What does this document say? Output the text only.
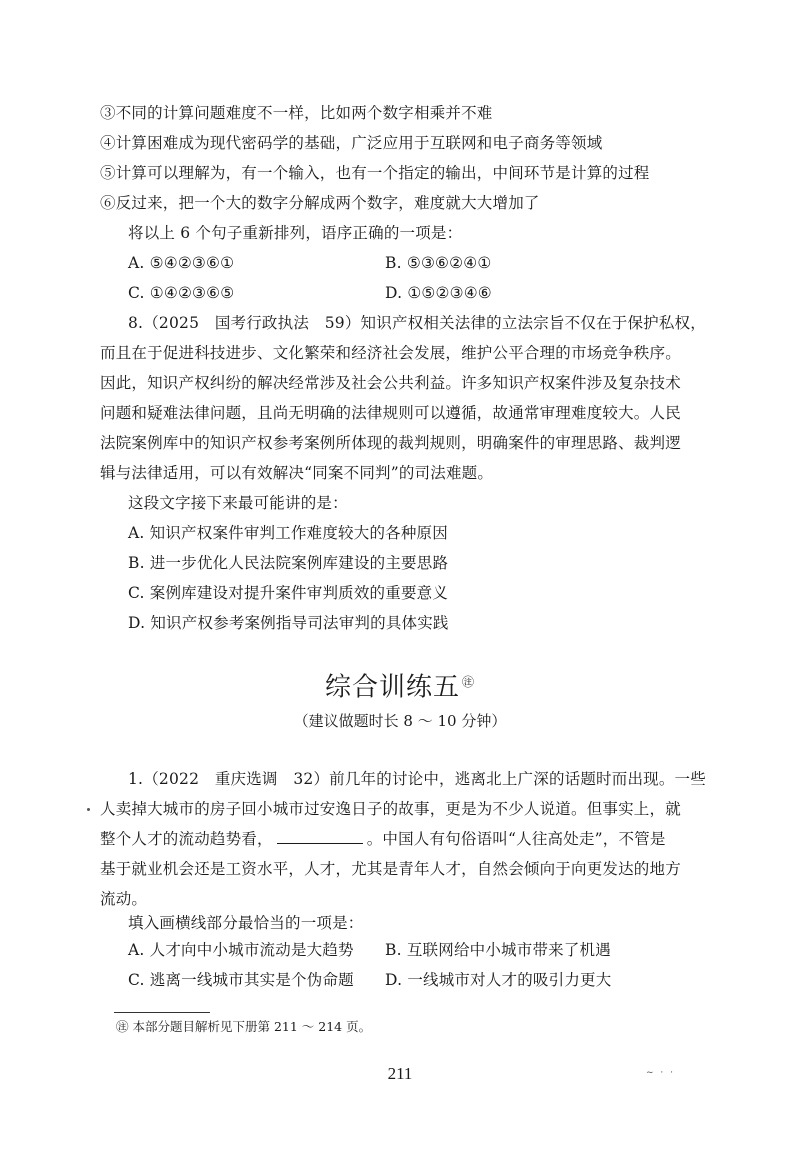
③不同的计算问题难度不一样，比如两个数字相乘并不难
④计算困难成为现代密码学的基础，广泛应用于互联网和电子商务等领域
⑤计算可以理解为，有一个输入，也有一个指定的输出，中间环节是计算的过程
⑥反过来，把一个大的数字分解成两个数字，难度就大大增加了
将以上 6 个句子重新排列，语序正确的一项是：
A. ⑤④②③⑥①	B. ⑤③⑥②④①
C. ①④②③⑥⑤	D. ①⑤②③④⑥
8.（2025　国考行政执法　59）知识产权相关法律的立法宗旨不仅在于保护私权，
而且在于促进科技进步、文化繁荣和经济社会发展，维护公平合理的市场竞争秩序。
因此，知识产权纠纷的解决经常涉及社会公共利益。许多知识产权案件涉及复杂技术
问题和疑难法律问题，且尚无明确的法律规则可以遵循，故通常审理难度较大。人民
法院案例库中的知识产权参考案例所体现的裁判规则，明确案件的审理思路、裁判逻
辑与法律适用，可以有效解决“同案不同判”的司法难题。
这段文字接下来最可能讲的是：
A. 知识产权案件审判工作难度较大的各种原因
B. 进一步优化人民法院案例库建设的主要思路
C. 案例库建设对提升案件审判质效的重要意义
D. 知识产权参考案例指导司法审判的具体实践
综合训练五 ㊟
（建议做题时长 8 ～ 10 分钟）
1.（2022　重庆选调　32）前几年的讨论中，逃离北上广深的话题时而出现。一些
人卖掉大城市的房子回小城市过安逸日子的故事，更是为不少人说道。但事实上，就
整个人才的流动趋势看，	。中国人有句俗语叫“人往高处走”，不管是
基于就业机会还是工资水平，人才，尤其是青年人才，自然会倾向于向更发达的地方
流动。
填入画横线部分最恰当的一项是：
A. 人才向中小城市流动是大趋势 B. 互联网给中小城市带来了机遇
C. 逃离一线城市其实是个伪命题 D. 一线城市对人才的吸引力更大
㊟ 本部分题目解析见下册第 211 ～ 214 页。
211	~ · ·
